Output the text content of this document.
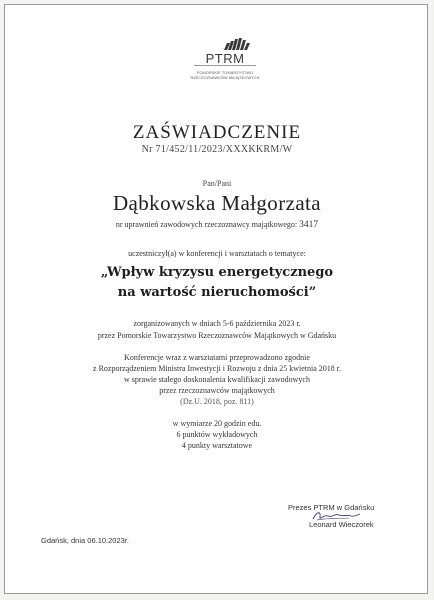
PTRM
POMORSKIE TOWARZYSTWO
RZECZOZNAWCÓW MAJĄTKOWYCH
ZAŚWIADCZENIE
Nr 71/452/11/2023/XXXKKRM/W
Pan/Pani
Dąbkowska Małgorzata
nr uprawnień zawodowych rzeczoznawcy majątkowego: 3417
uczestniczył(a) w konferencji i warsztatach o tematyce:
„Wpływ kryzysu energetycznego
na wartość nieruchomości”
zorganizowanych w dniach 5-6 października 2023 r.
przez Pomorskie Towarzystwo Rzeczoznawców Majątkowych w Gdańsku
Konferencje wraz z warsztatami przeprowadzono zgodnie
z Rozporządzeniem Ministra Inwestycji i Rozwoju z dnia 25 kwietnia 2018 r.
w sprawie stałego doskonalenia kwalifikacji zawodowych
przez rzeczoznawców majątkowych
(Dz.U. 2018, poz. 811)
w wymiarze 20 godzin edu.
6 punktów wykładowych
4 punkty warsztatowe
Prezes PTRM w Gdańsku
Leonard Wieczorek
Gdańsk, dnia 06.10.2023r.
